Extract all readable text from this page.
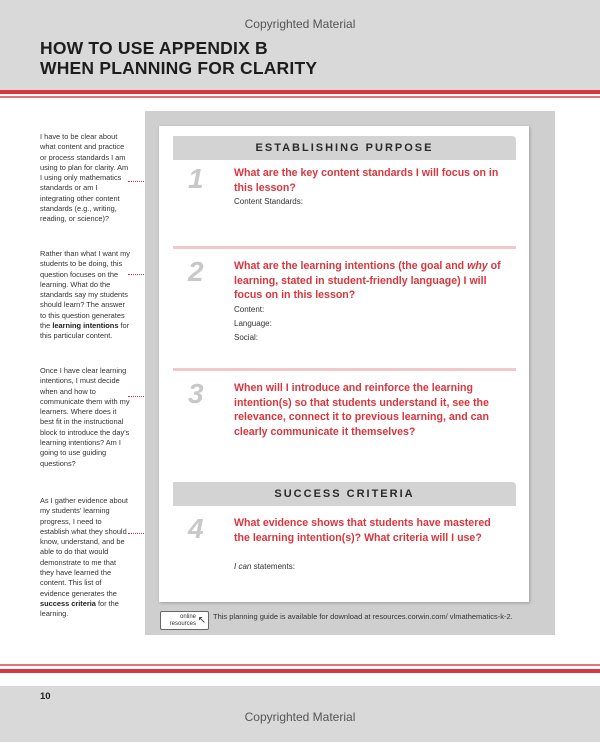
Copyrighted Material
HOW TO USE APPENDIX B
WHEN PLANNING FOR CLARITY
I have to be clear about what content and practice or process standards I am using to plan for clarity. Am I using only mathematics standards or am I integrating other content standards (e.g., writing, reading, or science)?
Rather than what I want my students to be doing, this question focuses on the learning. What do the standards say my students should learn? The answer to this question generates the learning intentions for this particular content.
Once I have clear learning intentions, I must decide when and how to communicate them with my learners. Where does it best fit in the instructional block to introduce the day's learning intentions? Am I going to use guiding questions?
As I gather evidence about my students' learning progress, I need to establish what they should know, understand, and be able to do that would demonstrate to me that they have learned the content. This list of evidence generates the success criteria for the learning.
ESTABLISHING PURPOSE
1	What are the key content standards I will focus on in this lesson?
Content Standards:
2	What are the learning intentions (the goal and why of learning, stated in student-friendly language) I will focus on in this lesson?
Content:
Language:
Social:
3	When will I introduce and reinforce the learning intention(s) so that students understand it, see the relevance, connect it to previous learning, and can clearly communicate it themselves?
SUCCESS CRITERIA
4	What evidence shows that students have mastered the learning intention(s)? What criteria will I use?
I can statements:
online
resources ↖ This planning guide is available for download at resources.corwin.com/ vlmathematics-k-2.
10
Copyrighted Material
